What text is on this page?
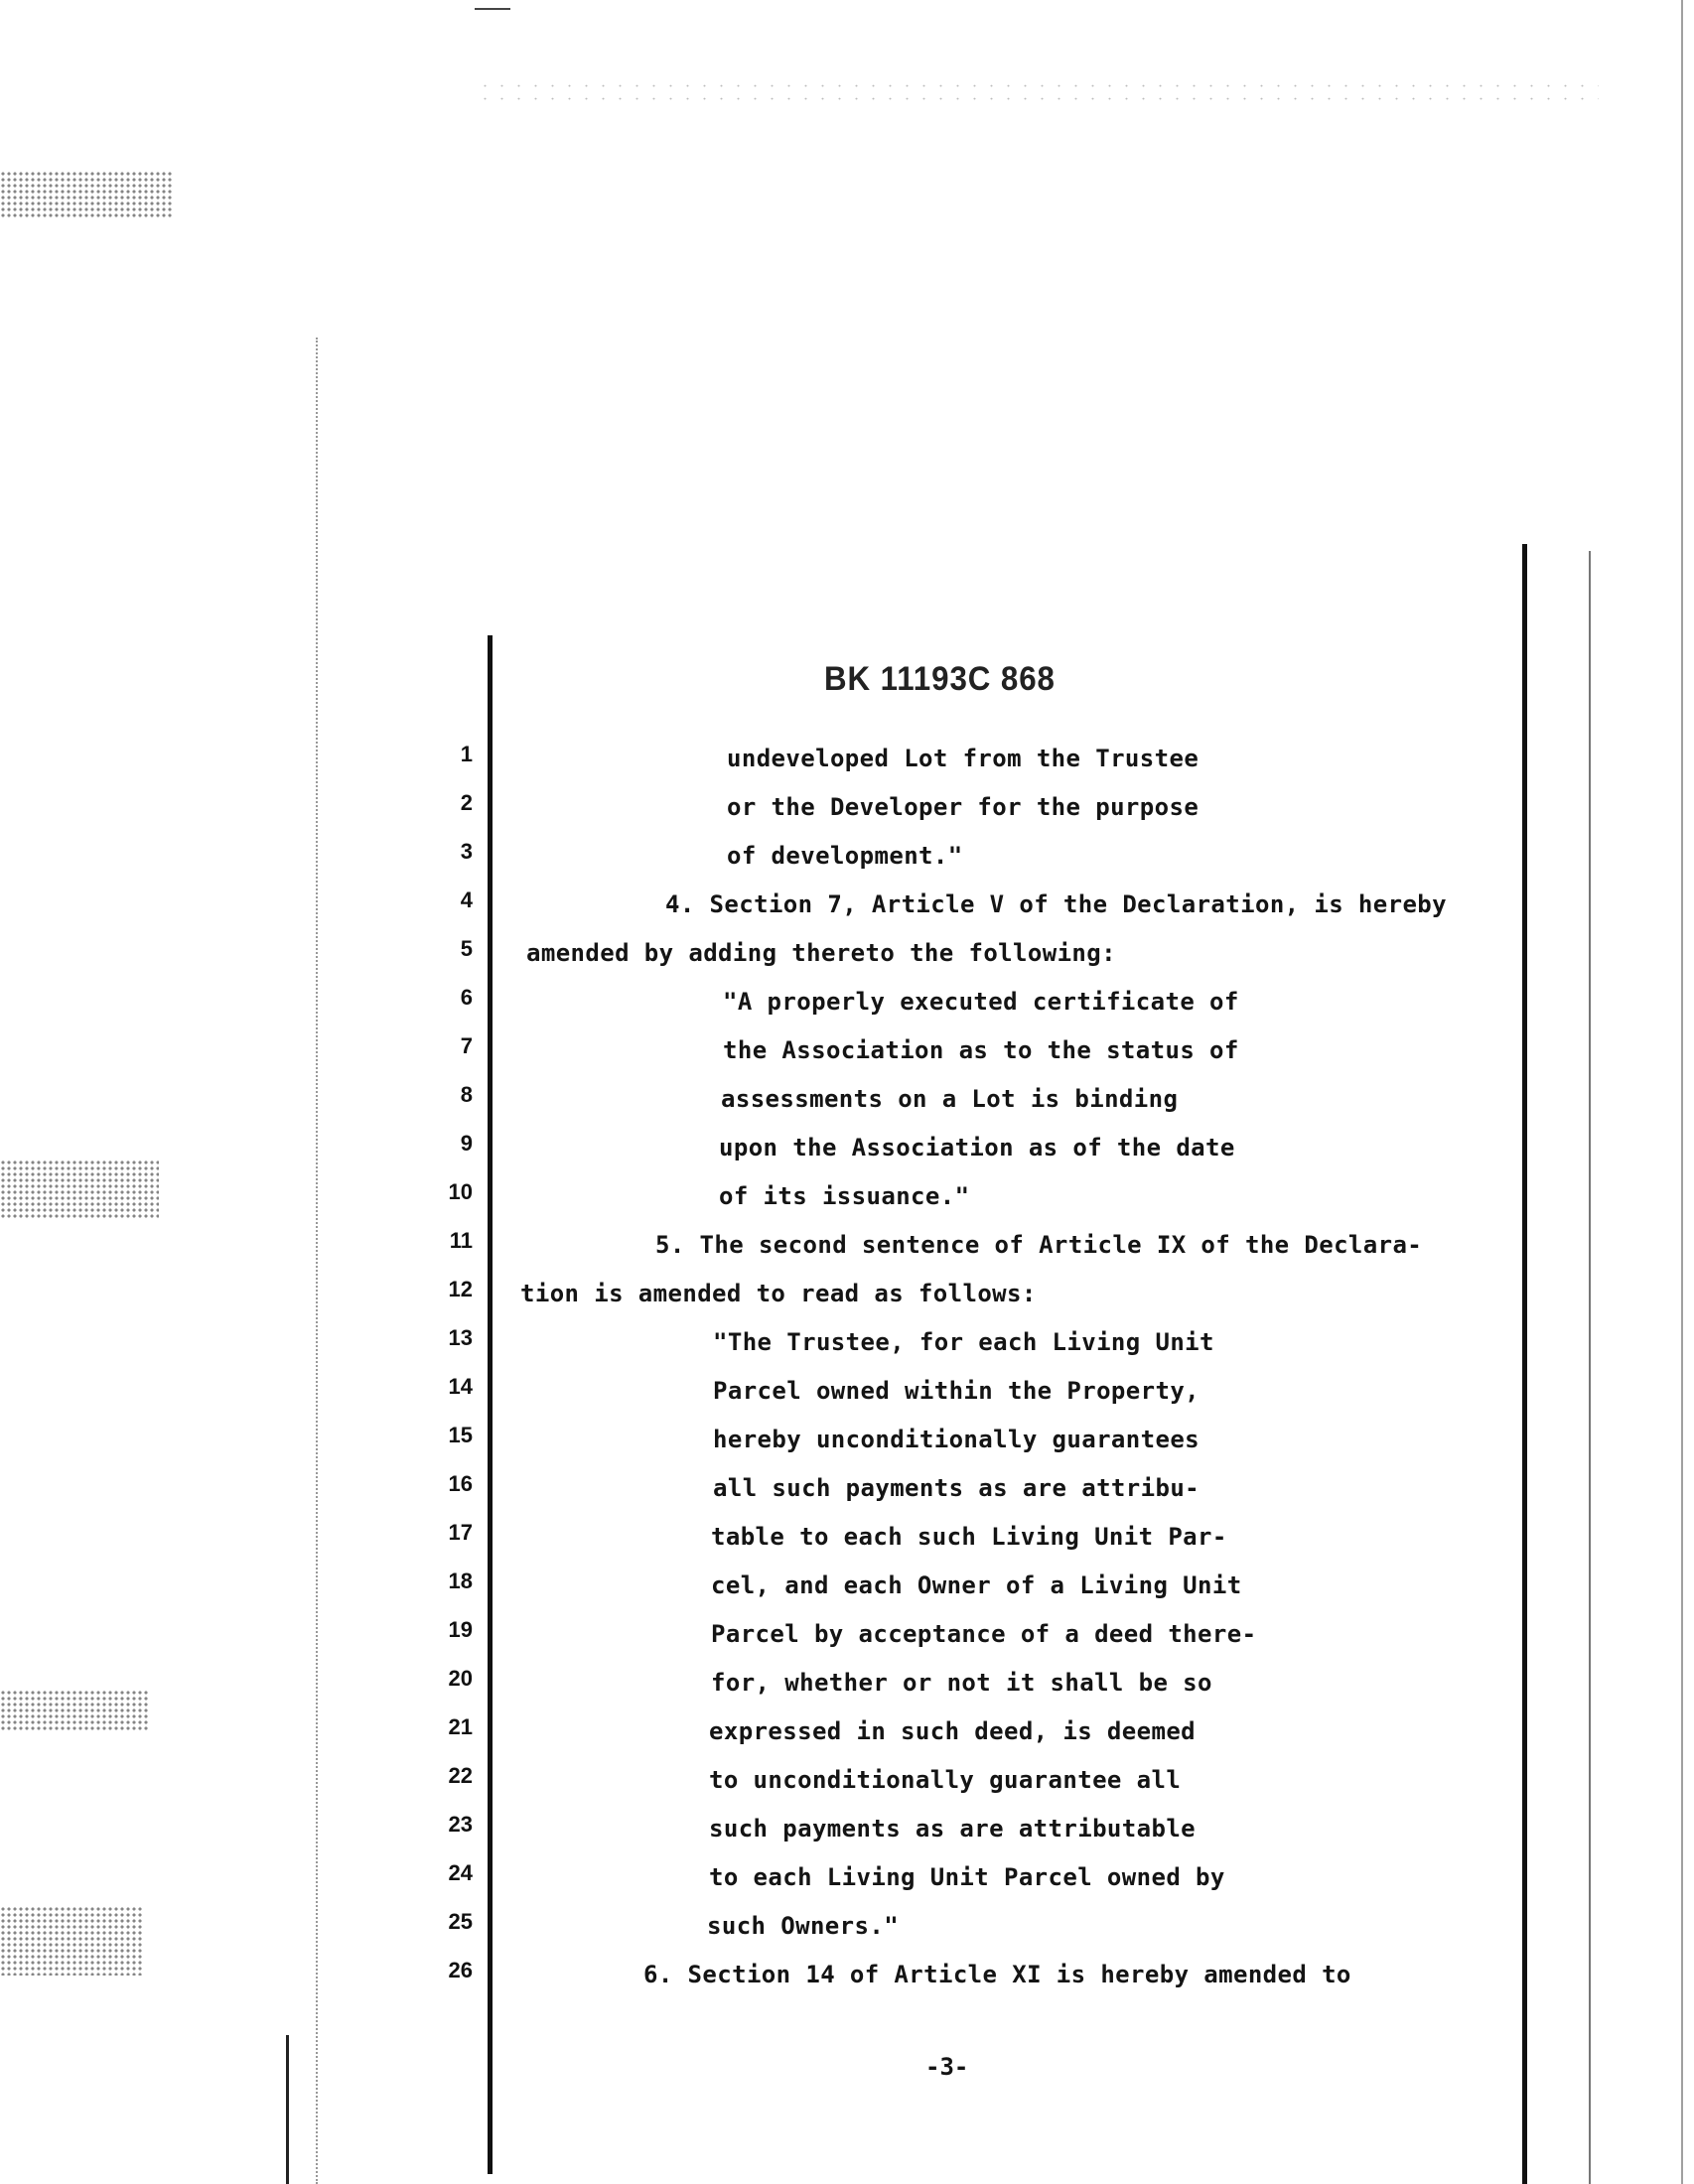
BK 11193C 868
1
2
3
4
5
6
7
8
9
10
11
12
13
14
15
16
17
18
19
20
21
22
23
24
25
26
undeveloped Lot from the Trustee
or the Developer for the purpose
of development."
4. Section 7, Article V of the Declaration, is hereby
amended by adding thereto the following:
"A properly executed certificate of
the Association as to the status of
assessments on a Lot is binding
upon the Association as of the date
of its issuance."
5. The second sentence of Article IX of the Declara-
tion is amended to read as follows:
"The Trustee, for each Living Unit
Parcel owned within the Property,
hereby unconditionally guarantees
all such payments as are attribu-
table to each such Living Unit Par-
cel, and each Owner of a Living Unit
Parcel by acceptance of a deed there-
for, whether or not it shall be so
expressed in such deed, is deemed
to unconditionally guarantee all
such payments as are attributable
to each Living Unit Parcel owned by
such Owners."
6. Section 14 of Article XI is hereby amended to
-3-
